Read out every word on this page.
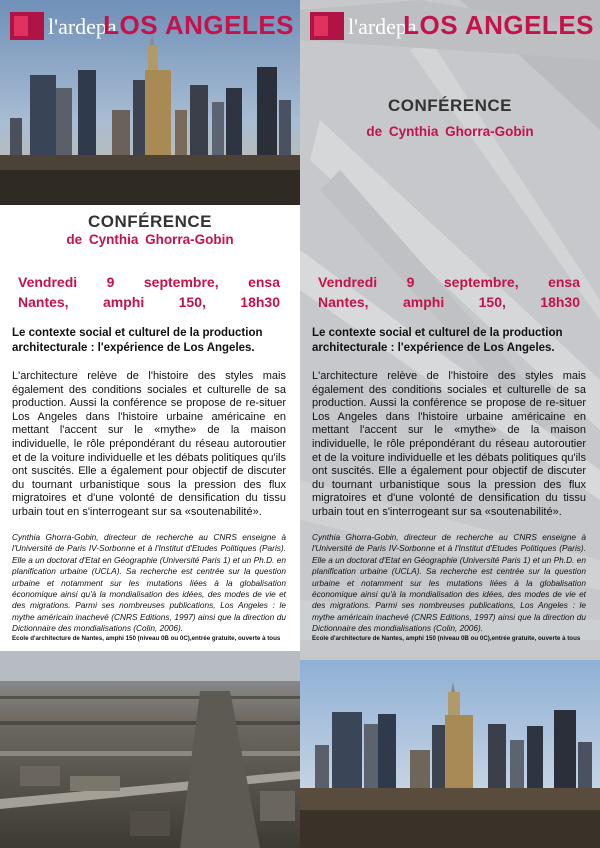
l'ardepa
LOS ANGELES
CONFÉRENCE
de Cynthia Ghorra-Gobin
Vendredi 9 septembre, ensa
Nantes, amphi 150, 18h30
Le contexte social et culturel de la production architecturale : l'expérience de Los Angeles.
L'architecture relève de l'histoire des styles mais également des conditions sociales et culturelle de sa production. Aussi la conférence se propose de re-situer Los Angeles dans l'histoire urbaine américaine en mettant l'accent sur le «mythe» de la maison individuelle, le rôle prépondérant du réseau autoroutier et de la voiture individuelle et les débats politiques qu'ils ont suscités. Elle a également pour objectif de discuter du tournant urbanistique sous la pression des flux migratoires et d'une volonté de densification du tissu urbain tout en s'interrogeant sur sa «soutenabilité».
Cynthia Ghorra-Gobin, directeur de recherche au CNRS enseigne à l'Université de Paris IV-Sorbonne et à l'Institut d'Etudes Politiques (Paris). Elle a un doctorat d'Etat en Géographie (Université Paris 1) et un Ph.D. en planification urbaine (UCLA). Sa recherche est centrée sur la question urbaine et notamment sur les mutations liées à la globalisation économique ainsi qu'à la mondialisation des idées, des modes de vie et des migrations. Parmi ses nombreuses publications, Los Angeles : le mythe américain inachevé (CNRS Editions, 1997) ainsi que la direction du Dictionnaire des mondialisations (Colin, 2006).
Ecole d'architecture de Nantes, amphi 150 (niveau 0B ou 0C),entrée gratuite, ouverte à tous
l'ardepa
LOS ANGELES
CONFÉRENCE
de Cynthia Ghorra-Gobin
Vendredi 9 septembre, ensa
Nantes, amphi 150, 18h30
Le contexte social et culturel de la production architecturale : l'expérience de Los Angeles.
L'architecture relève de l'histoire des styles mais également des conditions sociales et culturelle de sa production. Aussi la conférence se propose de re-situer Los Angeles dans l'histoire urbaine américaine en mettant l'accent sur le «mythe» de la maison individuelle, le rôle prépondérant du réseau autoroutier et de la voiture individuelle et les débats politiques qu'ils ont suscités. Elle a également pour objectif de discuter du tournant urbanistique sous la pression des flux migratoires et d'une volonté de densification du tissu urbain tout en s'interrogeant sur sa «soutenabilité».
Cynthia Ghorra-Gobin, directeur de recherche au CNRS enseigne à l'Université de Paris IV-Sorbonne et à l'Institut d'Etudes Politiques (Paris). Elle a un doctorat d'Etat en Géographie (Université Paris 1) et un Ph.D. en planification urbaine (UCLA). Sa recherche est centrée sur la question urbaine et notamment sur les mutations liées à la globalisation économique ainsi qu'à la mondialisation des idées, des modes de vie et des migrations. Parmi ses nombreuses publications, Los Angeles : le mythe américain inachevé (CNRS Editions, 1997) ainsi que la direction du Dictionnaire des mondialisations (Colin, 2006).
Ecole d'architecture de Nantes, amphi 150 (niveau 0B ou 0C),entrée gratuite, ouverte à tous
